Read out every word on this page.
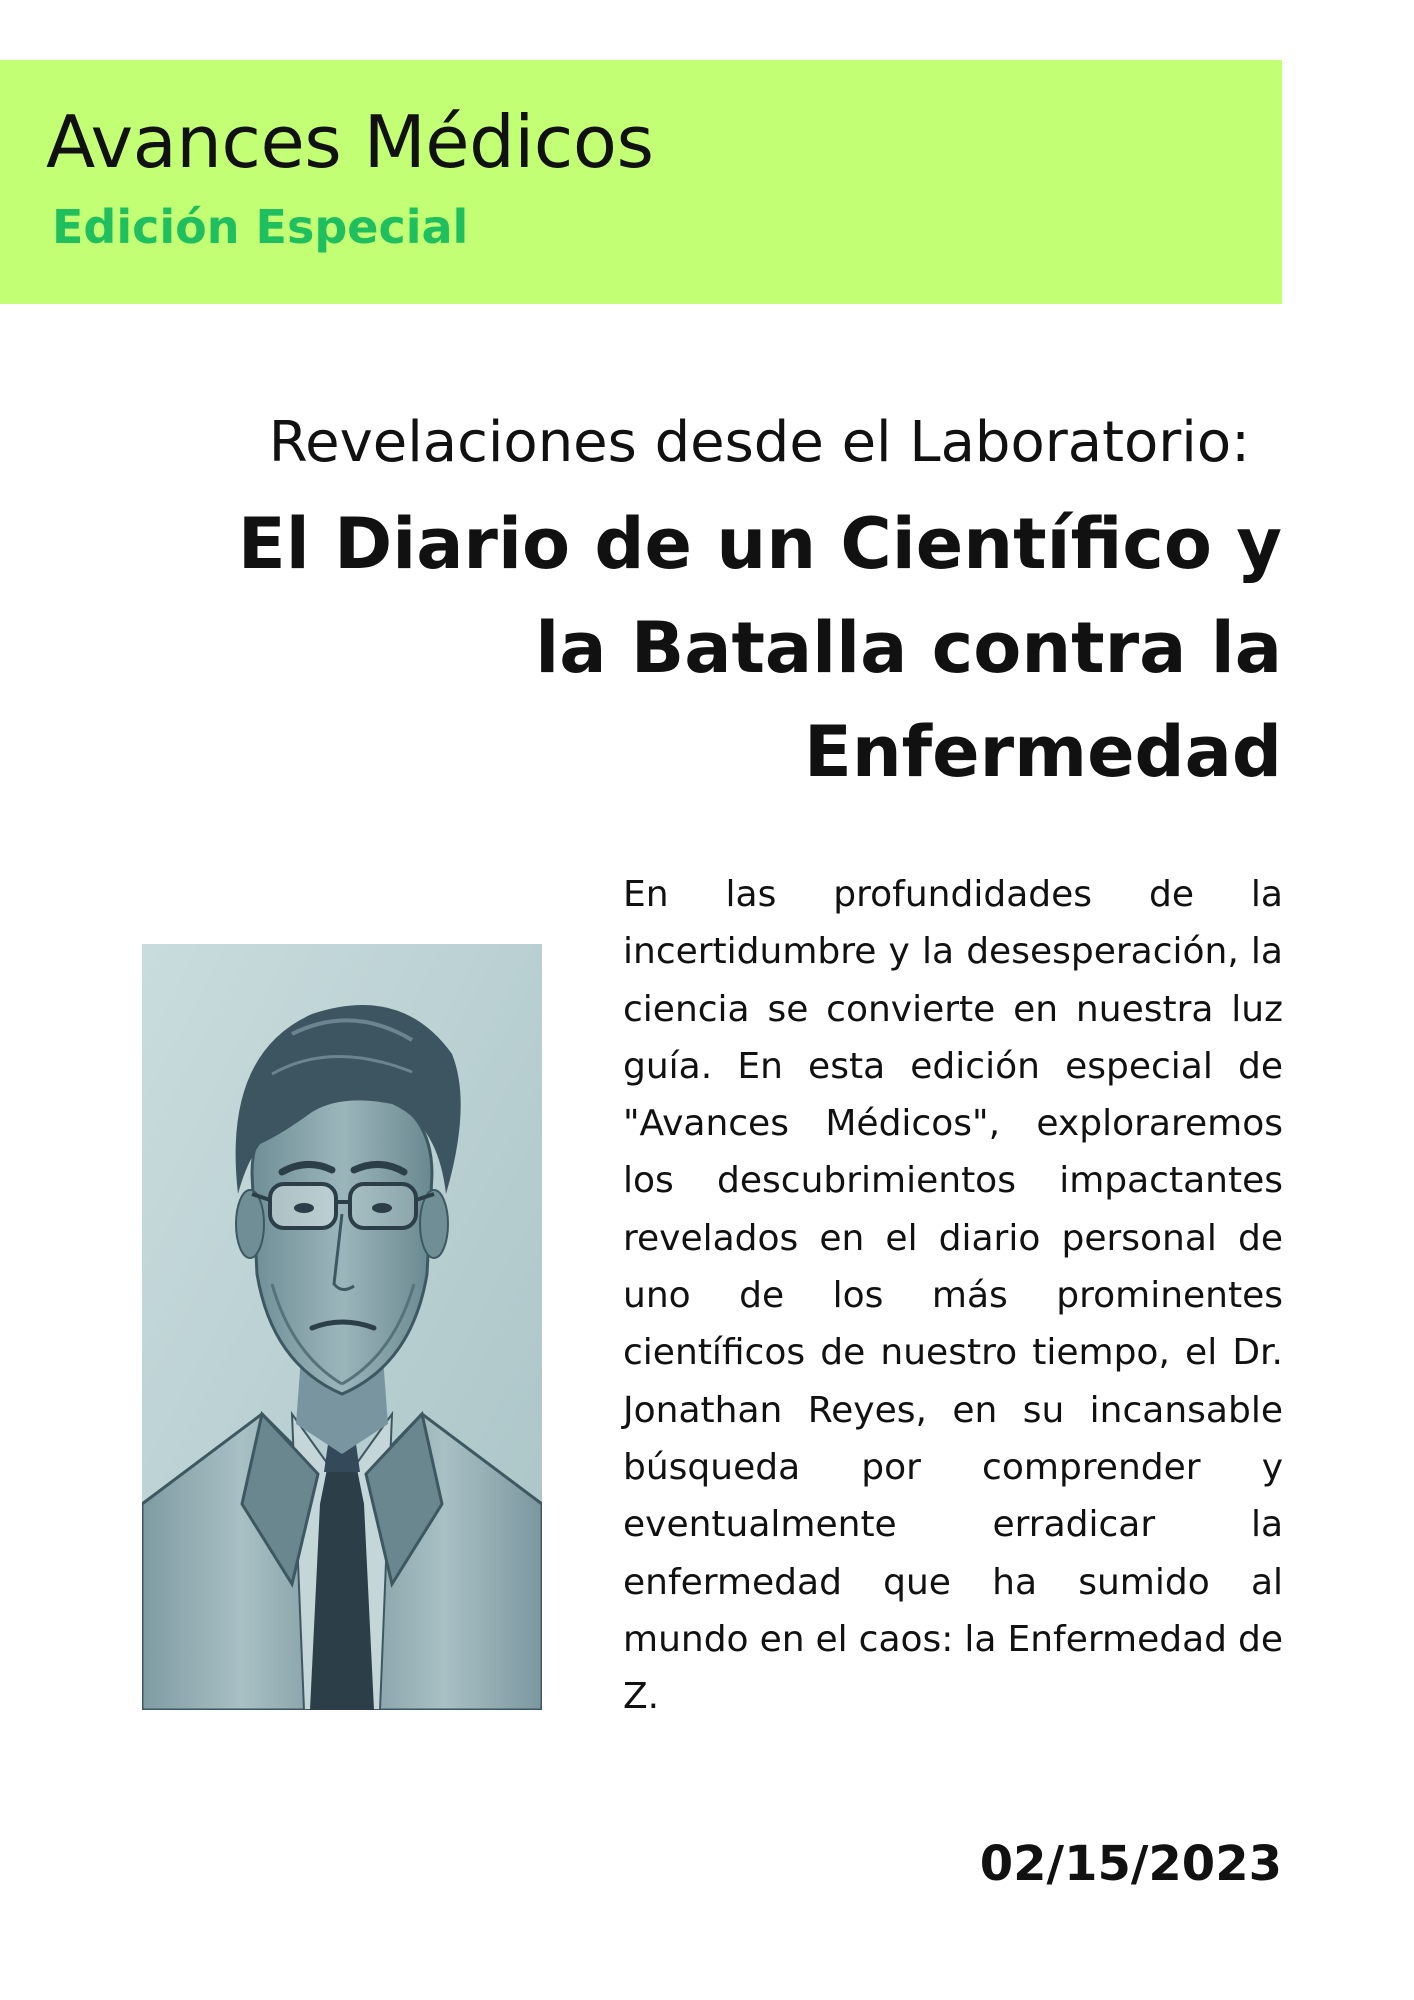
Avances Médicos
Edición Especial

Revelaciones desde el Laboratorio:

El Diario de un Científico y
la Batalla contra la
Enfermedad

En las profundidades de la incertidumbre y la desesperación, la ciencia se convierte en nuestra luz guía. En esta edición especial de "Avances Médicos", exploraremos los descubrimientos impactantes revelados en el diario personal de uno de los más prominentes científicos de nuestro tiempo, el Dr. Jonathan Reyes, en su incansable búsqueda por comprender y eventualmente erradicar la enfermedad que ha sumido al mundo en el caos: la Enfermedad de Z.

02/15/2023
